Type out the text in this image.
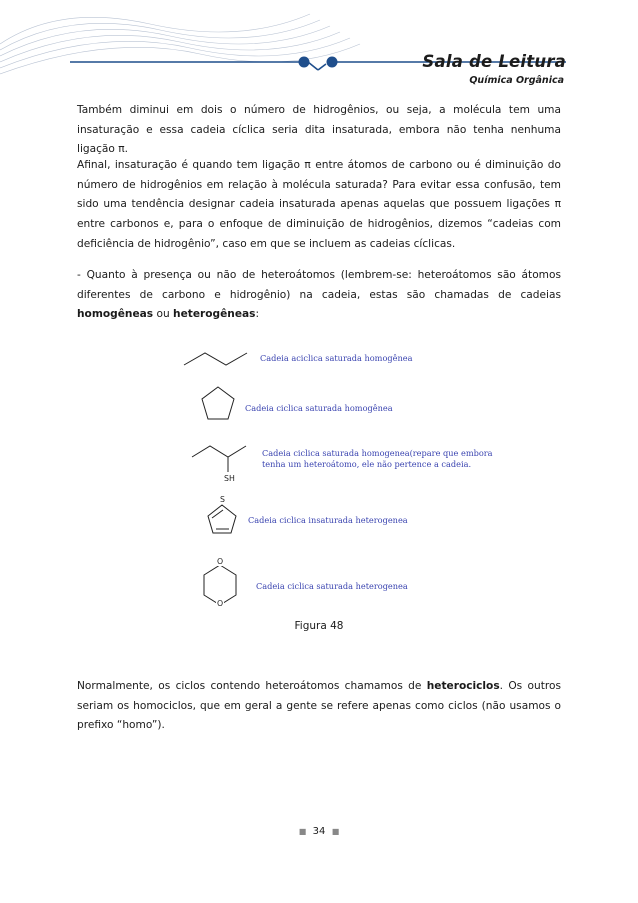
Sala de Leitura
Química Orgânica

Também diminui em dois o número de hidrogênios, ou seja, a molécula tem uma insaturação e essa cadeia cíclica seria dita insaturada, embora não tenha nenhuma ligação π.

Afinal, insaturação é quando tem ligação π entre átomos de carbono ou é diminuição do número de hidrogênios em relação à molécula saturada? Para evitar essa confusão, tem sido uma tendência designar cadeia insaturada apenas aquelas que possuem ligações π entre carbonos e, para o enfoque de diminuição de hidrogênios, dizemos “cadeias com deficiência de hidrogênio”, caso em que se incluem as cadeias cíclicas.

- Quanto à presença ou não de heteroátomos (lembrem-se: heteroátomos são átomos diferentes de carbono e hidrogênio) na cadeia, estas são chamadas de cadeias homogêneas ou heterogêneas:

SH
S
O
O
Cadeia aciclica saturada homogênea
Cadeia ciclica saturada homogênea
Cadeia ciclica saturada homogenea(repare que embora
tenha um heteroátomo, ele não pertence a cadeia.
Cadeia ciclica insaturada heterogenea
Cadeia ciclica saturada heterogenea
Figura 48

Normalmente, os ciclos contendo heteroátomos chamamos de heterociclos. Os outros seriam os homociclos, que em geral a gente se refere apenas como ciclos (não usamos o prefixo “homo”).

■ 34 ■
